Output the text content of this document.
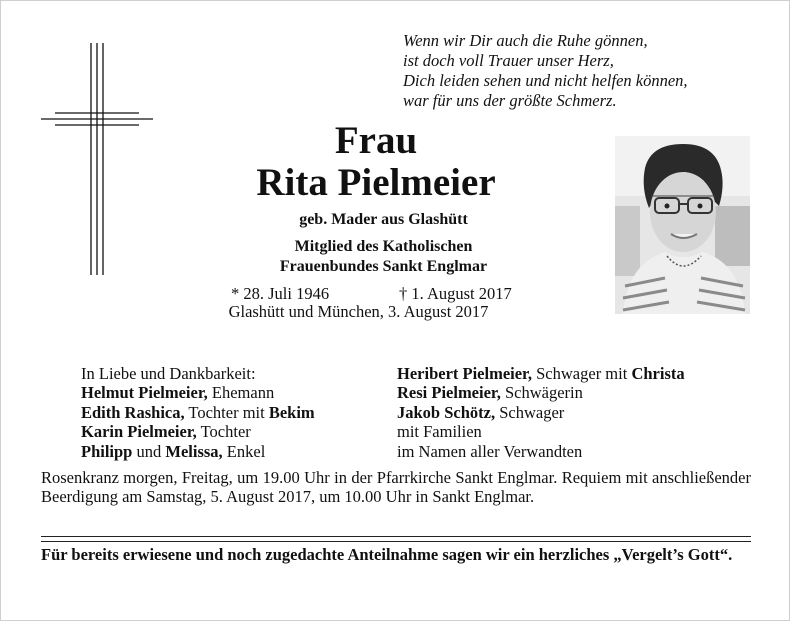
Wenn wir Dir auch die Ruhe gönnen,
ist doch voll Trauer unser Herz,
Dich leiden sehen und nicht helfen können,
war für uns der größte Schmerz.
Frau
Rita Pielmeier
geb. Mader aus Glashütt
Mitglied des Katholischen
Frauenbundes Sankt Englmar
* 28. Juli 1946	† 1. August 2017
Glashütt und München, 3. August 2017
In Liebe und Dankbarkeit:
Helmut Pielmeier, Ehemann
Edith Rashica, Tochter mit Bekim
Karin Pielmeier, Tochter
Philipp und Melissa, Enkel
Heribert Pielmeier, Schwager mit Christa
Resi Pielmeier, Schwägerin
Jakob Schötz, Schwager
mit Familien
im Namen aller Verwandten
Rosenkranz morgen, Freitag, um 19.00 Uhr in der Pfarrkirche Sankt Englmar. Requiem mit anschließender Beerdigung am Samstag, 5. August 2017, um 10.00 Uhr in Sankt Englmar.
Für bereits erwiesene und noch zugedachte Anteilnahme sagen wir ein herzliches „Vergelt’s Gott“.
